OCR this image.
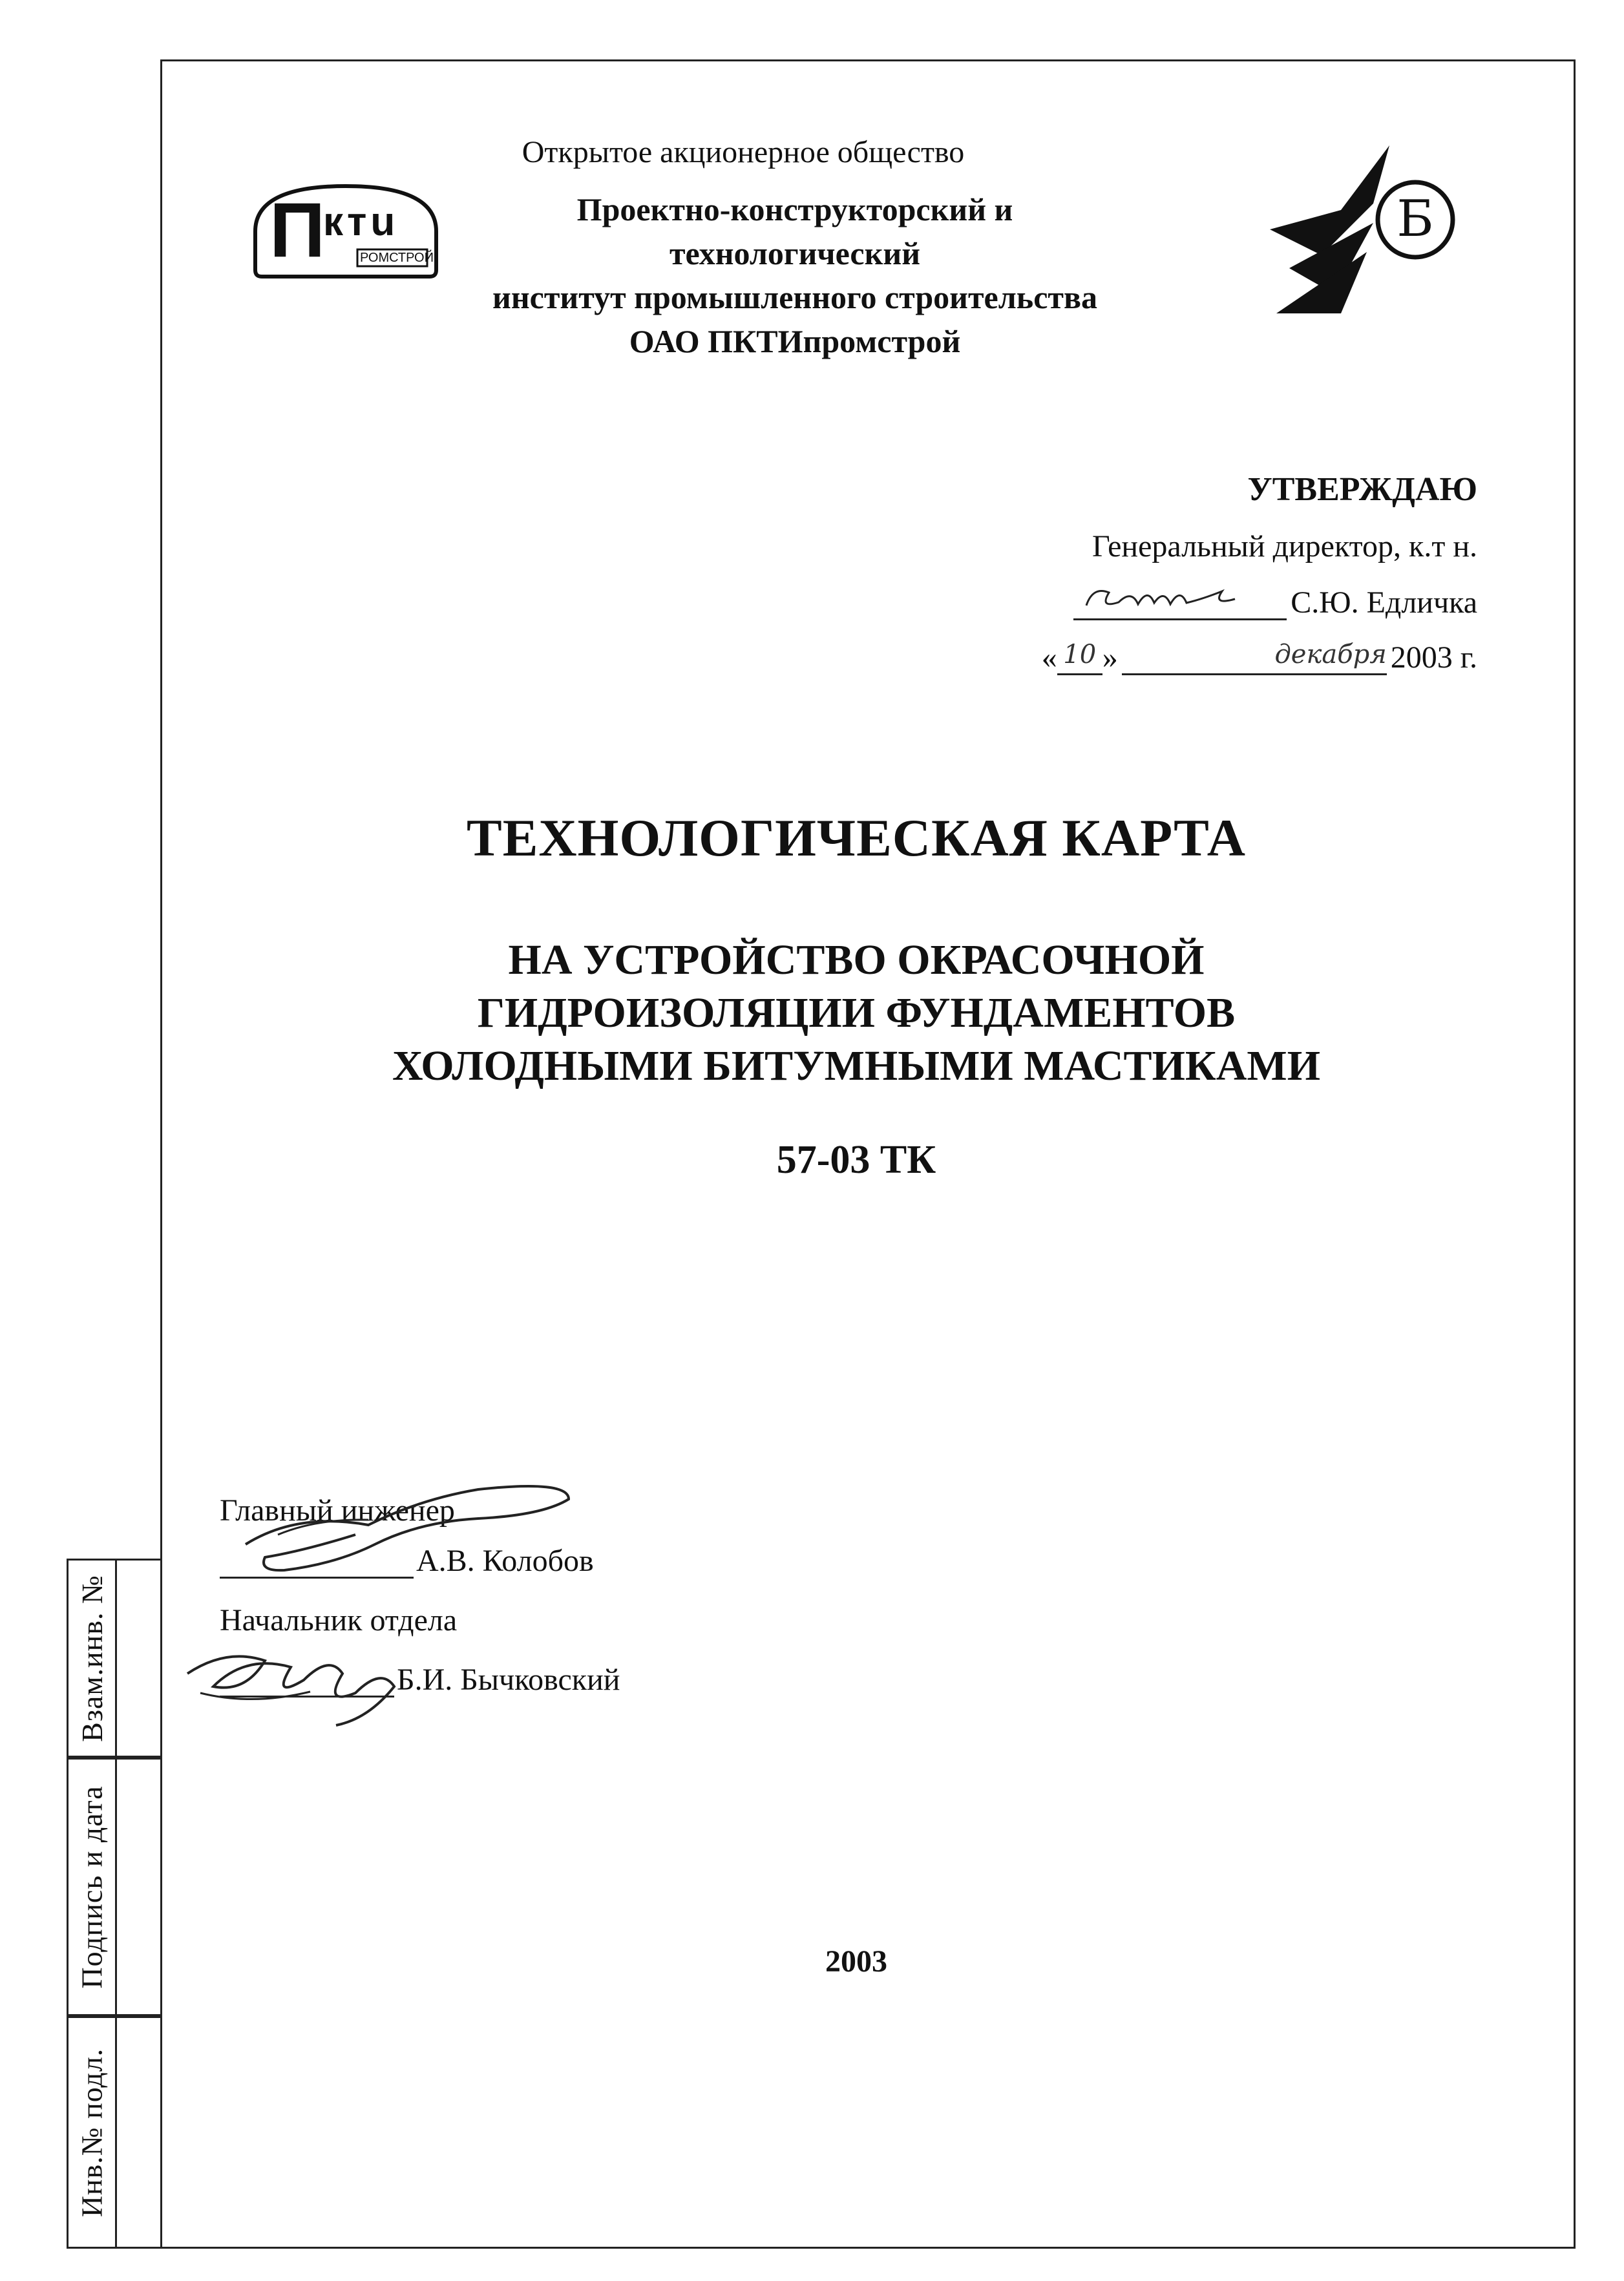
Взам.инв. №
Подпись и дата
Инв.№ подл.
П
ктu
РОМСТРОЙ
Открытое акционерное общество
Проектно-конструкторский и технологический
институт промышленного строительства
ОАО ПКТИпромстрой
Б
УТВЕРЖДАЮ
Генеральный директор, к.т н.
С.Ю. Едличка
« 10 »	декабря 2003 г.
ТЕХНОЛОГИЧЕСКАЯ КАРТА
НА УСТРОЙСТВО ОКРАСОЧНОЙ
ГИДРОИЗОЛЯЦИИ ФУНДАМЕНТОВ
ХОЛОДНЫМИ БИТУМНЫМИ МАСТИКАМИ
57-03 ТК
Главный инженер
А.В. Колобов
Начальник отдела
Б.И. Бычковский
2003
